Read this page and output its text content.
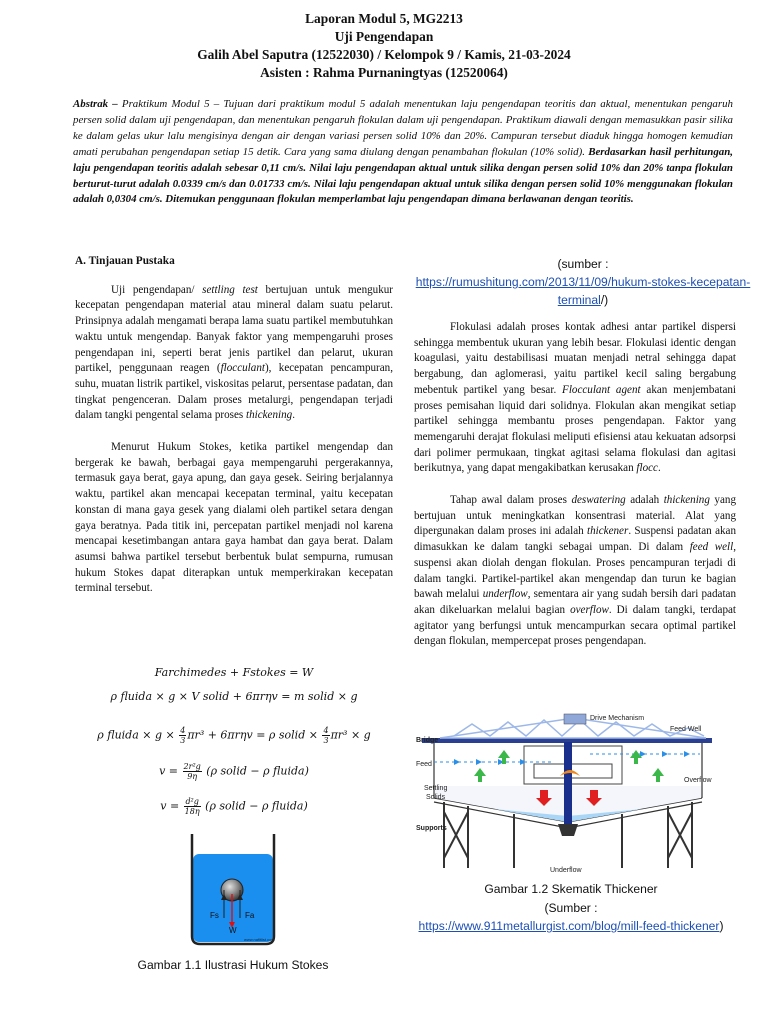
Laporan Modul 5, MG2213
Uji Pengendapan
Galih Abel Saputra (12522030) / Kelompok 9 / Kamis, 21-03-2024
Asisten : Rahma Purnaningtyas (12520064)
Abstrak – Praktikum Modul 5 – Tujuan dari praktikum modul 5 adalah menentukan laju pengendapan teoritis dan aktual, menentukan pengaruh persen solid dalam uji pengendapan, dan menentukan pengaruh flokulan dalam uji pengendapan. Praktikum diawali dengan memasukkan pasir silika ke dalam gelas ukur lalu mengisinya dengan air dengan variasi persen solid 10% dan 20%. Campuran tersebut diaduk hingga homogen kemudian amati perubahan pengendapan setiap 15 detik. Cara yang sama diulang dengan penambahan flokulan (10% solid). Berdasarkan hasil perhitungan, laju pengendapan teoritis adalah sebesar 0,11 cm/s. Nilai laju pengendapan aktual untuk silika dengan persen solid 10% dan 20% tanpa flokulan berturut-turut adalah 0.0339 cm/s dan 0.01733 cm/s. Nilai laju pengendapan aktual untuk silika dengan persen solid 10% menggunakan flokulan adalah 0,0304 cm/s. Ditemukan penggunaan flokulan memperlambat laju pengendapan dimana berlawanan dengan teoritis.
A. Tinjauan Pustaka

Uji pengendapan/ settling test bertujuan untuk mengukur kecepatan pengendapan material atau mineral dalam suatu pelarut. Prinsipnya adalah mengamati berapa lama suatu partikel membutuhkan waktu untuk mengendap. Banyak faktor yang mempengaruhi proses pengendapan ini, seperti berat jenis partikel dan pelarut, ukuran partikel, penggunaan reagen (flocculant), kecepatan pencampuran, suhu, muatan listrik partikel, viskositas pelarut, persentase padatan, dan tingkat pengenceran. Dalam proses metalurgi, pengendapan terjadi dalam tangki pengental selama proses thickening.

Menurut Hukum Stokes, ketika partikel mengendap dan bergerak ke bawah, berbagai gaya mempengaruhi pergerakannya, termasuk gaya berat, gaya apung, dan gaya gesek. Seiring berjalannya waktu, partikel akan mencapai kecepatan terminal, yaitu kecepatan konstan di mana gaya gesek yang dialami oleh partikel setara dengan gaya beratnya. Pada titik ini, percepatan partikel menjadi nol karena mencapai kesetimbangan antara gaya hambat dan gaya berat. Dalam asumsi bahwa partikel tersebut berbentuk bulat sempurna, rumusan hukum Stokes dapat diterapkan untuk memperkirakan kecepatan terminal tersebut.

Farchimedes + Fstokes = W
ρ fluida × g × V solid + 6πrηv = m solid × g
ρ fluida × $g \times \frac{4}{3} \pi r^3 + 6\pi r\eta v = \rho$ solid × $\frac{4}{3} \pi r^3 \times g$
$v = \frac{\text{2r²g}}{9\eta} (\rho$ solid − ρ fluida)
$v = \frac{\text{d²g}}{18\eta} (\rho$ solid − ρ fluida)
Fs	Fa
W
www.nafitlist.com
Gambar 1.1 Ilustrasi Hukum Stokes
(sumber :
https://rumushitung.com/2013/11/09/hukum-stokes-kecepatan-terminal/)

Flokulasi adalah proses kontak adhesi antar partikel dispersi sehingga membentuk ukuran yang lebih besar. Flokulasi identic dengan koagulasi, yaitu destabilisasi muatan menjadi netral sehingga dapat bergabung, dan aglomerasi, yaitu partikel kecil saling bergabung mebentuk partikel yang besar. Flocculant agent akan menjembatani proses pemisahan liquid dari solidnya. Flokulan akan mengikat setiap partikel sehingga membantu proses pengendapan. Faktor yang memengaruhi derajat flokulasi meliputi efisiensi atau kekuatan adsorpsi dari polimer permukaan, tingkat agitasi selama flokulasi dan agitasi berikutnya, yang dapat mengakibatkan kerusakan flocc.

Tahap awal dalam proses deswatering adalah thickening yang bertujuan untuk meningkatkan konsentrasi material. Alat yang dipergunakan dalam proses ini adalah thickener. Suspensi padatan akan dimasukkan ke dalam tangki sebagai umpan. Di dalam feed well, suspensi akan diolah dengan flokulan. Proses pencampuran terjadi di dalam tangki. Partikel-partikel akan mengendap dan turun ke bagian bawah melalui underflow, sementara air yang sudah bersih dari padatan akan dikeluarkan melalui bagian overflow. Di dalam tangki, terdapat agitator yang berfungsi untuk mencampurkan secara optimal partikel dengan flokulan, mempercepat proses pengendapan.

Drive Mechanism
Feed Well
Bridge
Feed
Overflow
Settling
Solids
Supports
Underflow
Gambar 1.2 Skematik Thickener
(Sumber :
https://www.911metallurgist.com/blog/mill-feed-thickener)
